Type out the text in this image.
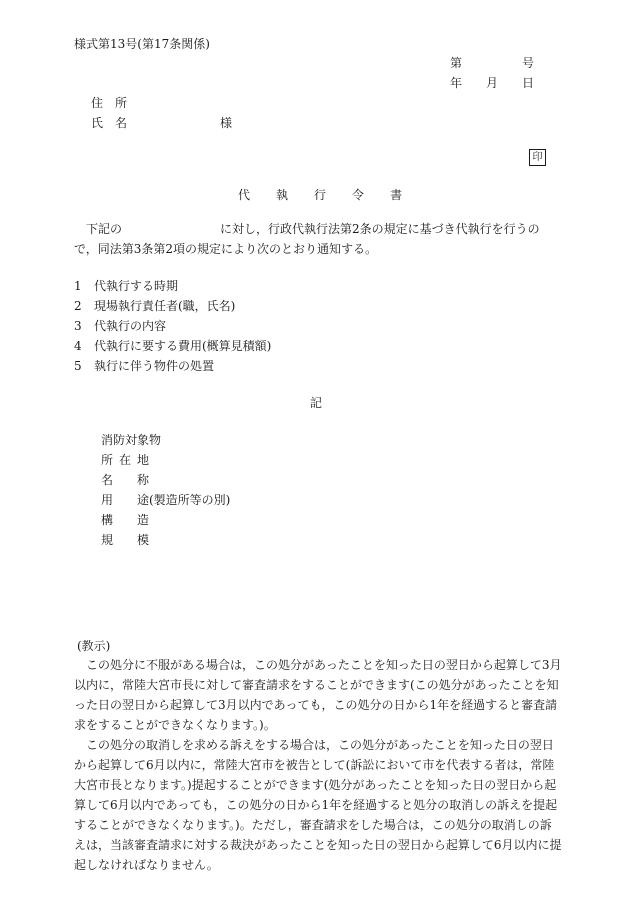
様式第13号(第17条関係)
第	号
年 月 日
住　所
氏　名	様
印
代 執 行 令 書
下記の	に対し，行政代執行法第2条の規定に基づき代執行を行うので，同法第3条第2項の規定により次のとおり通知する。
1 代執行する時期
2 現場執行責任者(職，氏名)
3 代執行の内容
4 代執行に要する費用(概算見積額)
5 執行に伴う物件の処置
記
消防対象物
所在地
名称
用途(製造所等の別)
構造
規模
(教示)
この処分に不服がある場合は，この処分があったことを知った日の翌日から起算して3月以内に，常陸大宮市長に対して審査請求をすることができます(この処分があったことを知った日の翌日から起算して3月以内であっても，この処分の日から1年を経過すると審査請求をすることができなくなります。)。
この処分の取消しを求める訴えをする場合は，この処分があったことを知った日の翌日から起算して6月以内に，常陸大宮市を被告として(訴訟において市を代表する者は，常陸大宮市長となります。)提起することができます(処分があったことを知った日の翌日から起算して6月以内であっても，この処分の日から1年を経過すると処分の取消しの訴えを提起することができなくなります。)。ただし，審査請求をした場合は，この処分の取消しの訴えは，当該審査請求に対する裁決があったことを知った日の翌日から起算して6月以内に提起しなければなりません。
